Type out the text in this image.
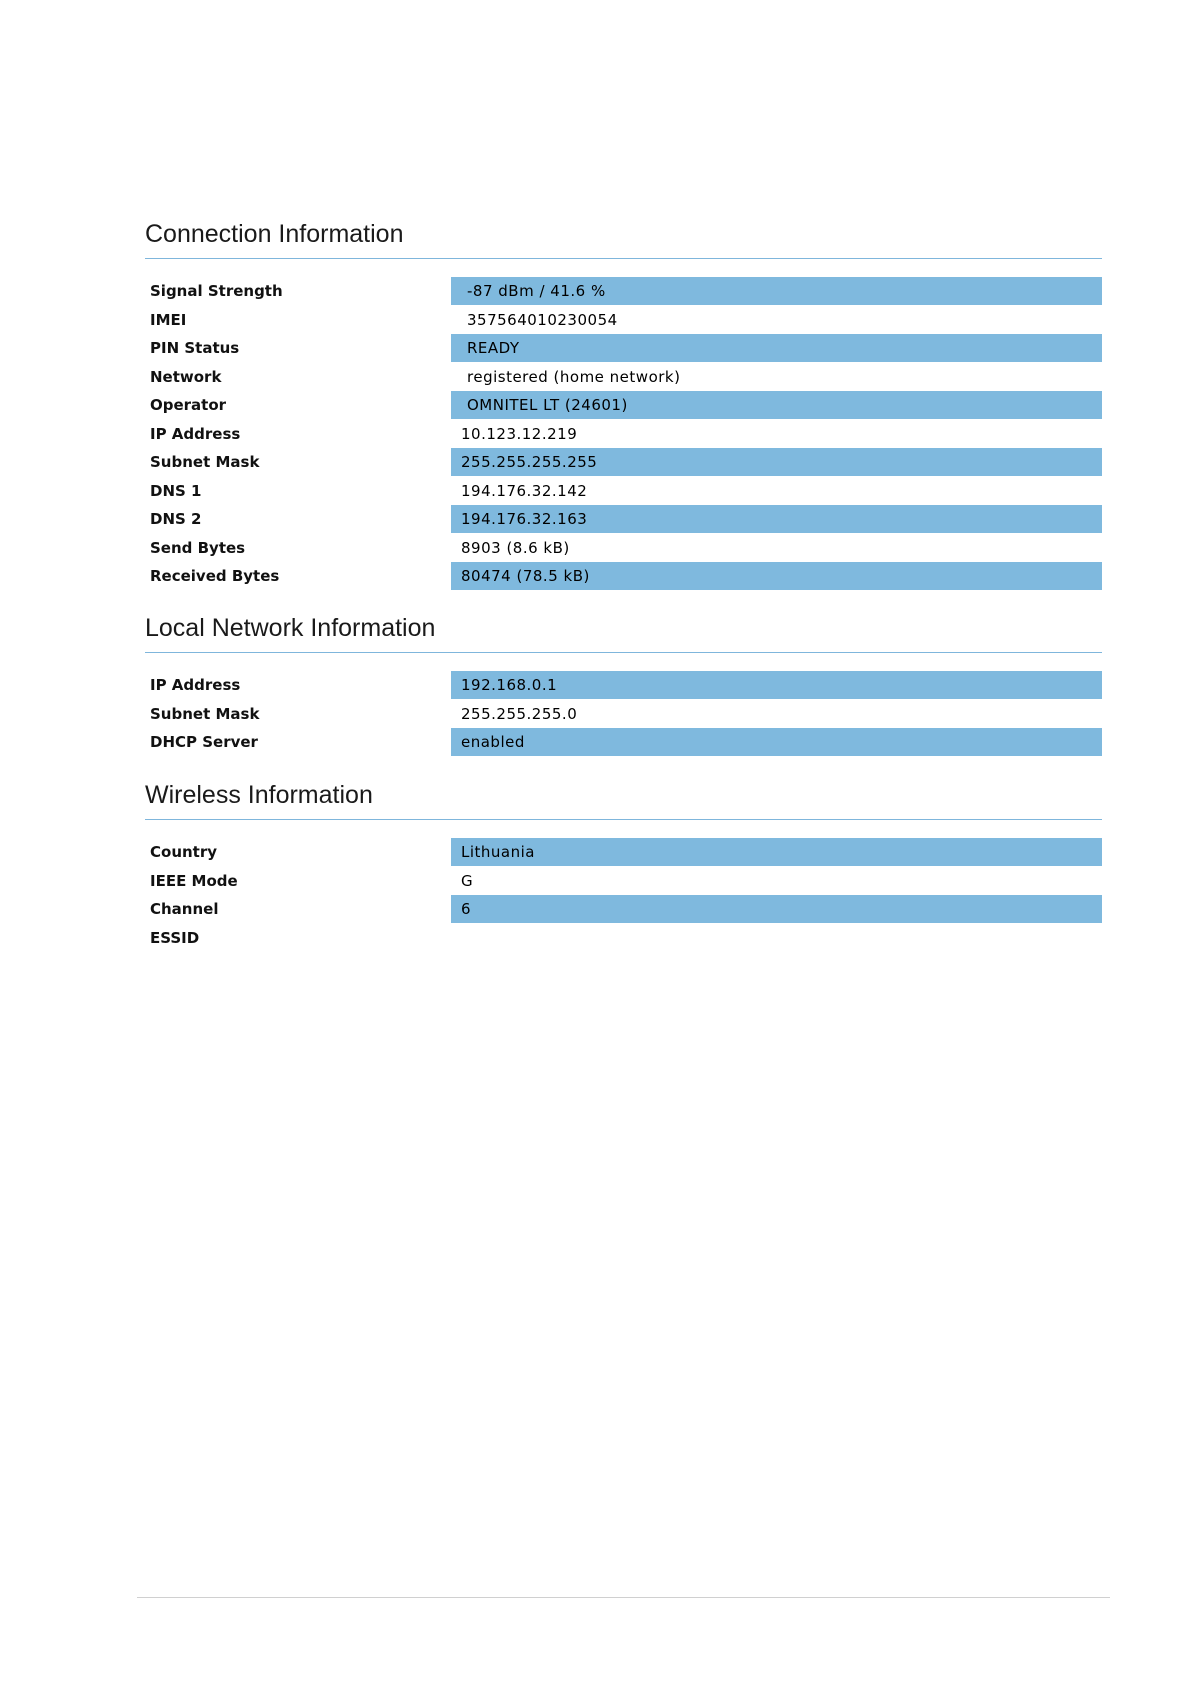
Connection Information
Signal Strength	-87 dBm / 41.6 %
IMEI	357564010230054
PIN Status	READY
Network	registered (home network)
Operator	OMNITEL LT (24601)
IP Address	10.123.12.219
Subnet Mask	255.255.255.255
DNS 1	194.176.32.142
DNS 2	194.176.32.163
Send Bytes	8903 (8.6 kB)
Received Bytes	80474 (78.5 kB)
Local Network Information
IP Address	192.168.0.1
Subnet Mask	255.255.255.0
DHCP Server	enabled
Wireless Information
Country	Lithuania
IEEE Mode	G
Channel	6
ESSID
